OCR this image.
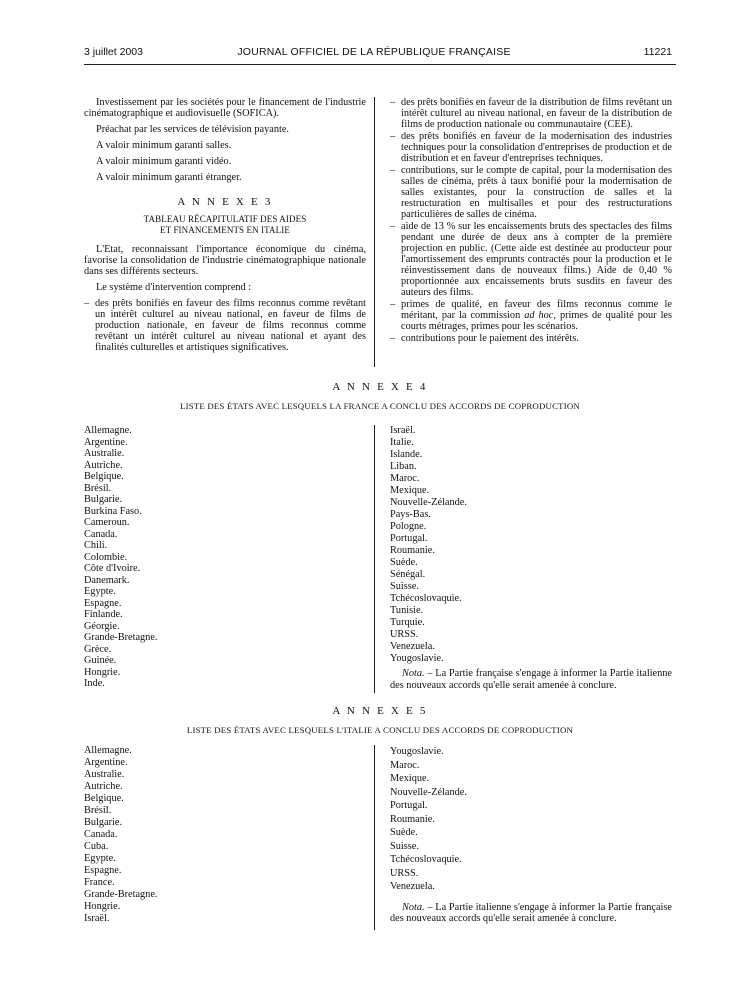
3 juillet 2003	JOURNAL OFFICIEL DE LA RÉPUBLIQUE FRANÇAISE	11221

Investissement par les sociétés pour le financement de l'industrie cinématographique et audiovisuelle (SOFICA).

Préachat par les services de télévision payante.

A valoir minimum garanti salles.

A valoir minimum garanti vidéo.

A valoir minimum garanti étranger.

A N N E X E 3
TABLEAU RÉCAPITULATIF DES AIDES
ET FINANCEMENTS EN ITALIE

L'Etat, reconnaissant l'importance économique du cinéma, favorise la consolidation de l'industrie cinématographique nationale dans ses différents secteurs.

Le système d'intervention comprend :

– des prêts bonifiés en faveur des films reconnus comme revêtant un intérêt culturel au niveau national, en faveur de films de production nationale, en faveur de films reconnus comme revêtant un intérêt culturel au niveau national et ayant des finalités culturelles et artistiques significatives.
– des prêts bonifiés en faveur de la distribution de films revêtant un intérêt culturel au niveau national, en faveur de la distribution de films de production nationale ou communautaire (CEE).
– des prêts bonifiés en faveur de la modernisation des industries techniques pour la consolidation d'entreprises de production et de distribution et en faveur d'entreprises techniques.
– contributions, sur le compte de capital, pour la modernisation des salles de cinéma, prêts à taux bonifié pour la modernisation de salles existantes, pour la construction de salles et la restructuration en multisalles et pour des restructurations particulières de salles de cinéma.
– aide de 13 % sur les encaissements bruts des spectacles des films pendant une durée de deux ans à compter de la première projection en public. (Cette aide est destinée au producteur pour l'amortissement des emprunts contractés pour la production et le réinvestissement dans de nouveaux films.) Aide de 0,40 % proportionnée aux encaissements bruts susdits en faveur des auteurs des films.
– primes de qualité, en faveur des films reconnus comme le méritant, par la commission ad hoc, primes de qualité pour les courts métrages, primes pour les scénarios.
– contributions pour le paiement des intérêts.
A N N E X E 4
LISTE DES ÉTATS AVEC LESQUELS LA FRANCE A CONCLU DES ACCORDS DE COPRODUCTION
Allemagne.
Argentine.
Australie.
Autriche.
Belgique.
Brésil.
Bulgarie.
Burkina Faso.
Cameroun.
Canada.
Chili.
Colombie.
Côte d'Ivoire.
Danemark.
Egypte.
Espagne.
Finlande.
Géorgie.
Grande-Bretagne.
Grèce.
Guinée.
Hongrie.
Inde.
Israël.
Italie.
Islande.
Liban.
Maroc.
Mexique.
Nouvelle-Zélande.
Pays-Bas.
Pologne.
Portugal.
Roumanie.
Suède.
Sénégal.
Suisse.
Tchécoslovaquie.
Tunisie.
Turquie.
URSS.
Venezuela.
Yougoslavie.
Nota. – La Partie française s'engage à informer la Partie italienne des nouveaux accords qu'elle serait amenée à conclure.
A N N E X E 5
LISTE DES ÉTATS AVEC LESQUELS L'ITALIE A CONCLU DES ACCORDS DE COPRODUCTION
Allemagne.
Argentine.
Australie.
Autriche.
Belgique.
Brésil.
Bulgarie.
Canada.
Cuba.
Egypte.
Espagne.
France.
Grande-Bretagne.
Hongrie.
Israël.
Yougoslavie.
Maroc.
Mexique.
Nouvelle-Zélande.
Portugal.
Roumanie.
Suède.
Suisse.
Tchécoslovaquie.
URSS.
Venezuela.
Nota. – La Partie italienne s'engage à informer la Partie française des nouveaux accords qu'elle serait amenée à conclure.
